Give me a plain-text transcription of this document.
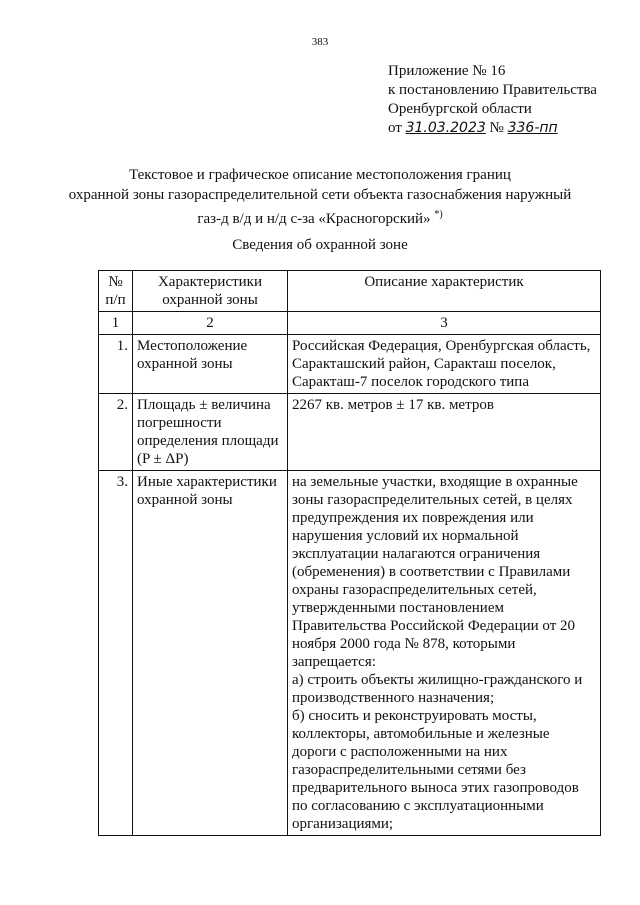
383
Приложение № 16
к постановлению Правительства
Оренбургской области
от 31.03.2023 № 336-пп
Текстовое и графическое описание местоположения границ
охранной зоны газораспределительной сети объекта газоснабжения наружный
газ-д в/д и н/д с-за «Красногорский» *)
Сведения об охранной зоне
№ п/п	Характеристики охранной зоны	Описание характеристик
1	2	3
1.	Местоположение охранной зоны	Российская Федерация, Оренбургская область, Саракташский район, Саракташ поселок, Саракташ-7 поселок городского типа

2.	Площадь ± величина погрешности определения площади (P ± ΔP)	2267 кв. метров ± 17 кв. метров

3.	Иные характеристики охранной зоны	на земельные участки, входящие в охранные зоны газораспределительных сетей, в целях предупреждения их повреждения или нарушения условий их нормальной эксплуатации налагаются ограничения (обременения) в соответствии с Правилами охраны газораспределительных сетей, утвержденными постановлением Правительства Российской Федерации от 20 ноября 2000 года № 878, которыми запрещается:

а) строить объекты жилищно-гражданского и производственного назначения;

б) сносить и реконструировать мосты, коллекторы, автомобильные и железные дороги с расположенными на них газораспределительными сетями без предварительного выноса этих газопроводов по согласованию с эксплуатационными организациями;
